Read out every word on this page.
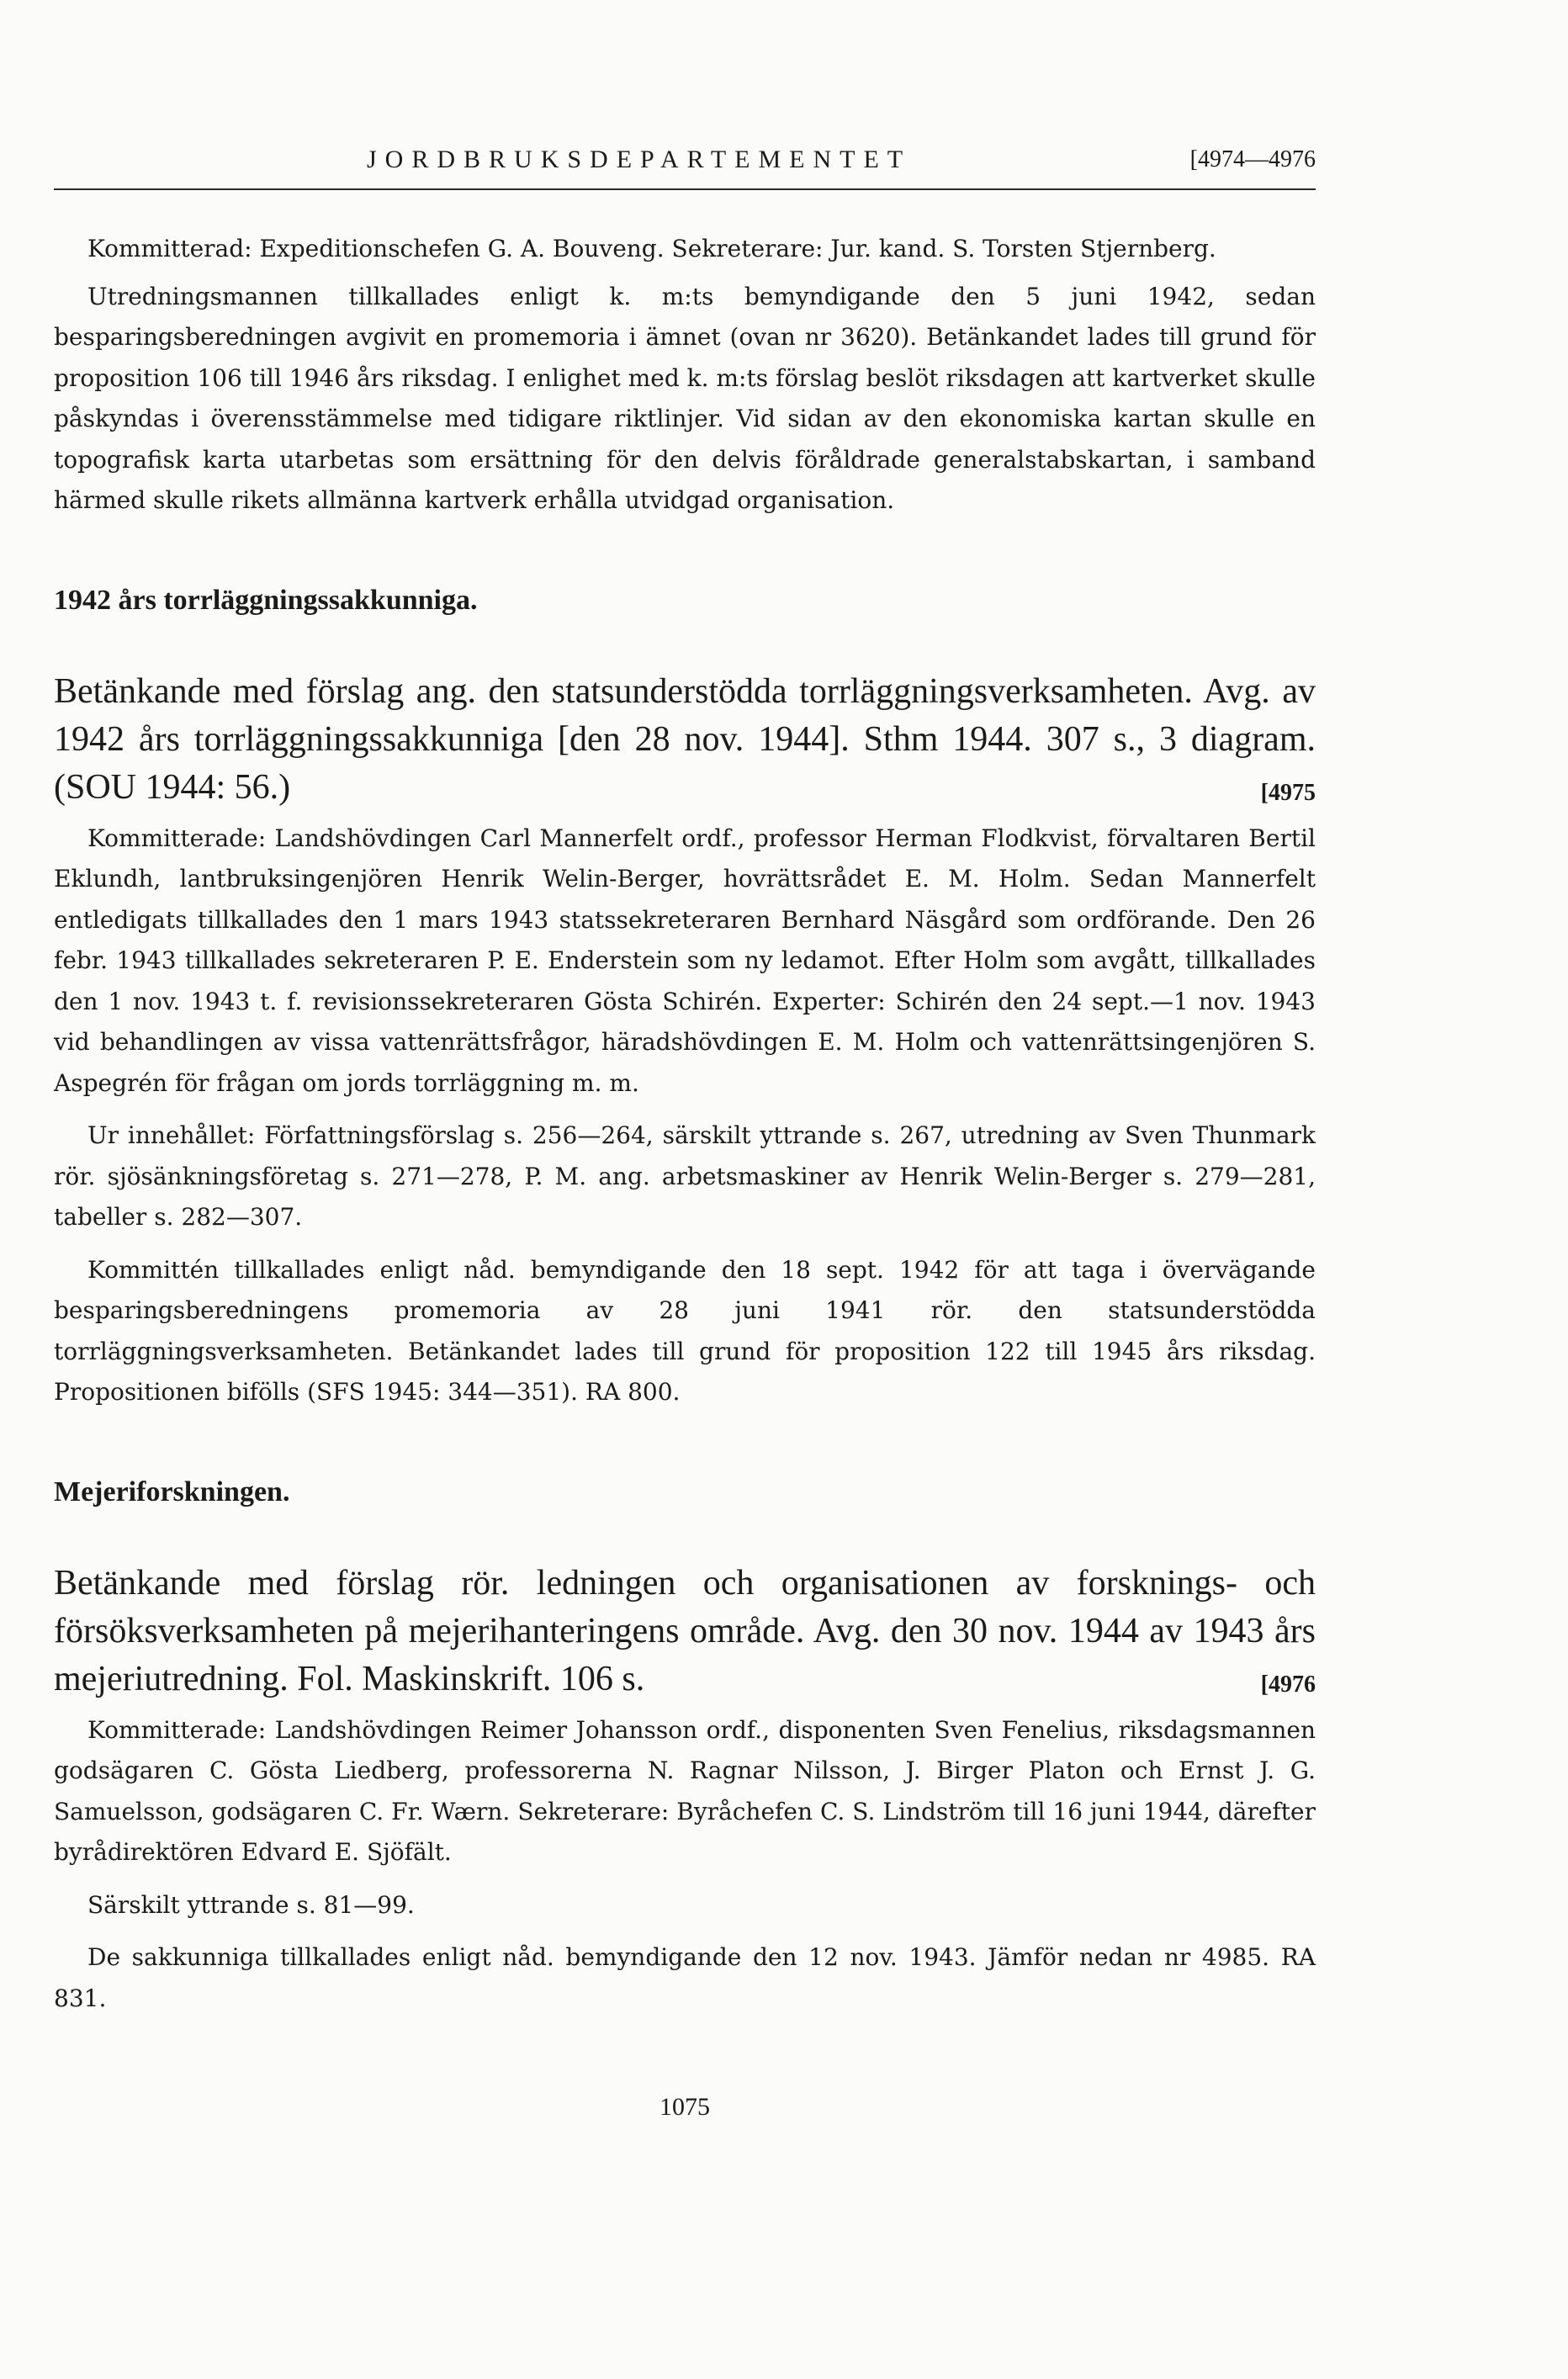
JORDBRUKSDEPARTEMENTET	[4974—4976

Kommitterad: Expeditionschefen G. A. Bouveng. Sekreterare: Jur. kand. S. Torsten Stjernberg.

Utredningsmannen tillkallades enligt k. m:ts bemyndigande den 5 juni 1942, sedan besparingsberedningen avgivit en promemoria i ämnet (ovan nr 3620). Betänkandet lades till grund för proposition 106 till 1946 års riksdag. I enlighet med k. m:ts förslag beslöt riksdagen att kartverket skulle påskyndas i överensstämmelse med tidigare riktlinjer. Vid sidan av den ekonomiska kartan skulle en topografisk karta utarbetas som ersättning för den delvis föråldrade generalstabskartan, i samband härmed skulle rikets allmänna kartverk erhålla utvidgad organisation.

1942 års torrläggningssakkunniga.

Betänkande med förslag ang. den statsunderstödda torrläggningsverksamheten. Avg. av 1942 års torrläggningssakkunniga [den 28 nov. 1944]. Sthm 1944. 307 s., 3 diagram. (SOU 1944: 56.)	[4975

Kommitterade: Landshövdingen Carl Mannerfelt ordf., professor Herman Flodkvist, förvaltaren Bertil Eklundh, lantbruksingenjören Henrik Welin-Berger, hovrättsrådet E. M. Holm. Sedan Mannerfelt entledigats tillkallades den 1 mars 1943 statssekreteraren Bernhard Näsgård som ordförande. Den 26 febr. 1943 tillkallades sekreteraren P. E. Enderstein som ny ledamot. Efter Holm som avgått, tillkallades den 1 nov. 1943 t. f. revisionssekreteraren Gösta Schirén. Experter: Schirén den 24 sept.—1 nov. 1943 vid behandlingen av vissa vattenrättsfrågor, häradshövdingen E. M. Holm och vattenrättsingenjören S. Aspegrén för frågan om jords torrläggning m. m.

Ur innehållet: Författningsförslag s. 256—264, särskilt yttrande s. 267, utredning av Sven Thunmark rör. sjösänkningsföretag s. 271—278, P. M. ang. arbetsmaskiner av Henrik Welin-Berger s. 279—281, tabeller s. 282—307.

Kommittén tillkallades enligt nåd. bemyndigande den 18 sept. 1942 för att taga i övervägande besparingsberedningens promemoria av 28 juni 1941 rör. den statsunderstödda torrläggningsverksamheten. Betänkandet lades till grund för proposition 122 till 1945 års riksdag. Propositionen bifölls (SFS 1945: 344—351). RA 800.

Mejeriforskningen.

Betänkande med förslag rör. ledningen och organisationen av forsknings- och försöksverksamheten på mejerihanteringens område. Avg. den 30 nov. 1944 av 1943 års mejeriutredning. Fol. Maskinskrift. 106 s.	[4976

Kommitterade: Landshövdingen Reimer Johansson ordf., disponenten Sven Fenelius, riksdagsmannen godsägaren C. Gösta Liedberg, professorerna N. Ragnar Nilsson, J. Birger Platon och Ernst J. G. Samuelsson, godsägaren C. Fr. Wærn. Sekreterare: Byråchefen C. S. Lindström till 16 juni 1944, därefter byrådirektören Edvard E. Sjöfält.

Särskilt yttrande s. 81—99.

De sakkunniga tillkallades enligt nåd. bemyndigande den 12 nov. 1943. Jämför nedan nr 4985. RA 831.

1075
